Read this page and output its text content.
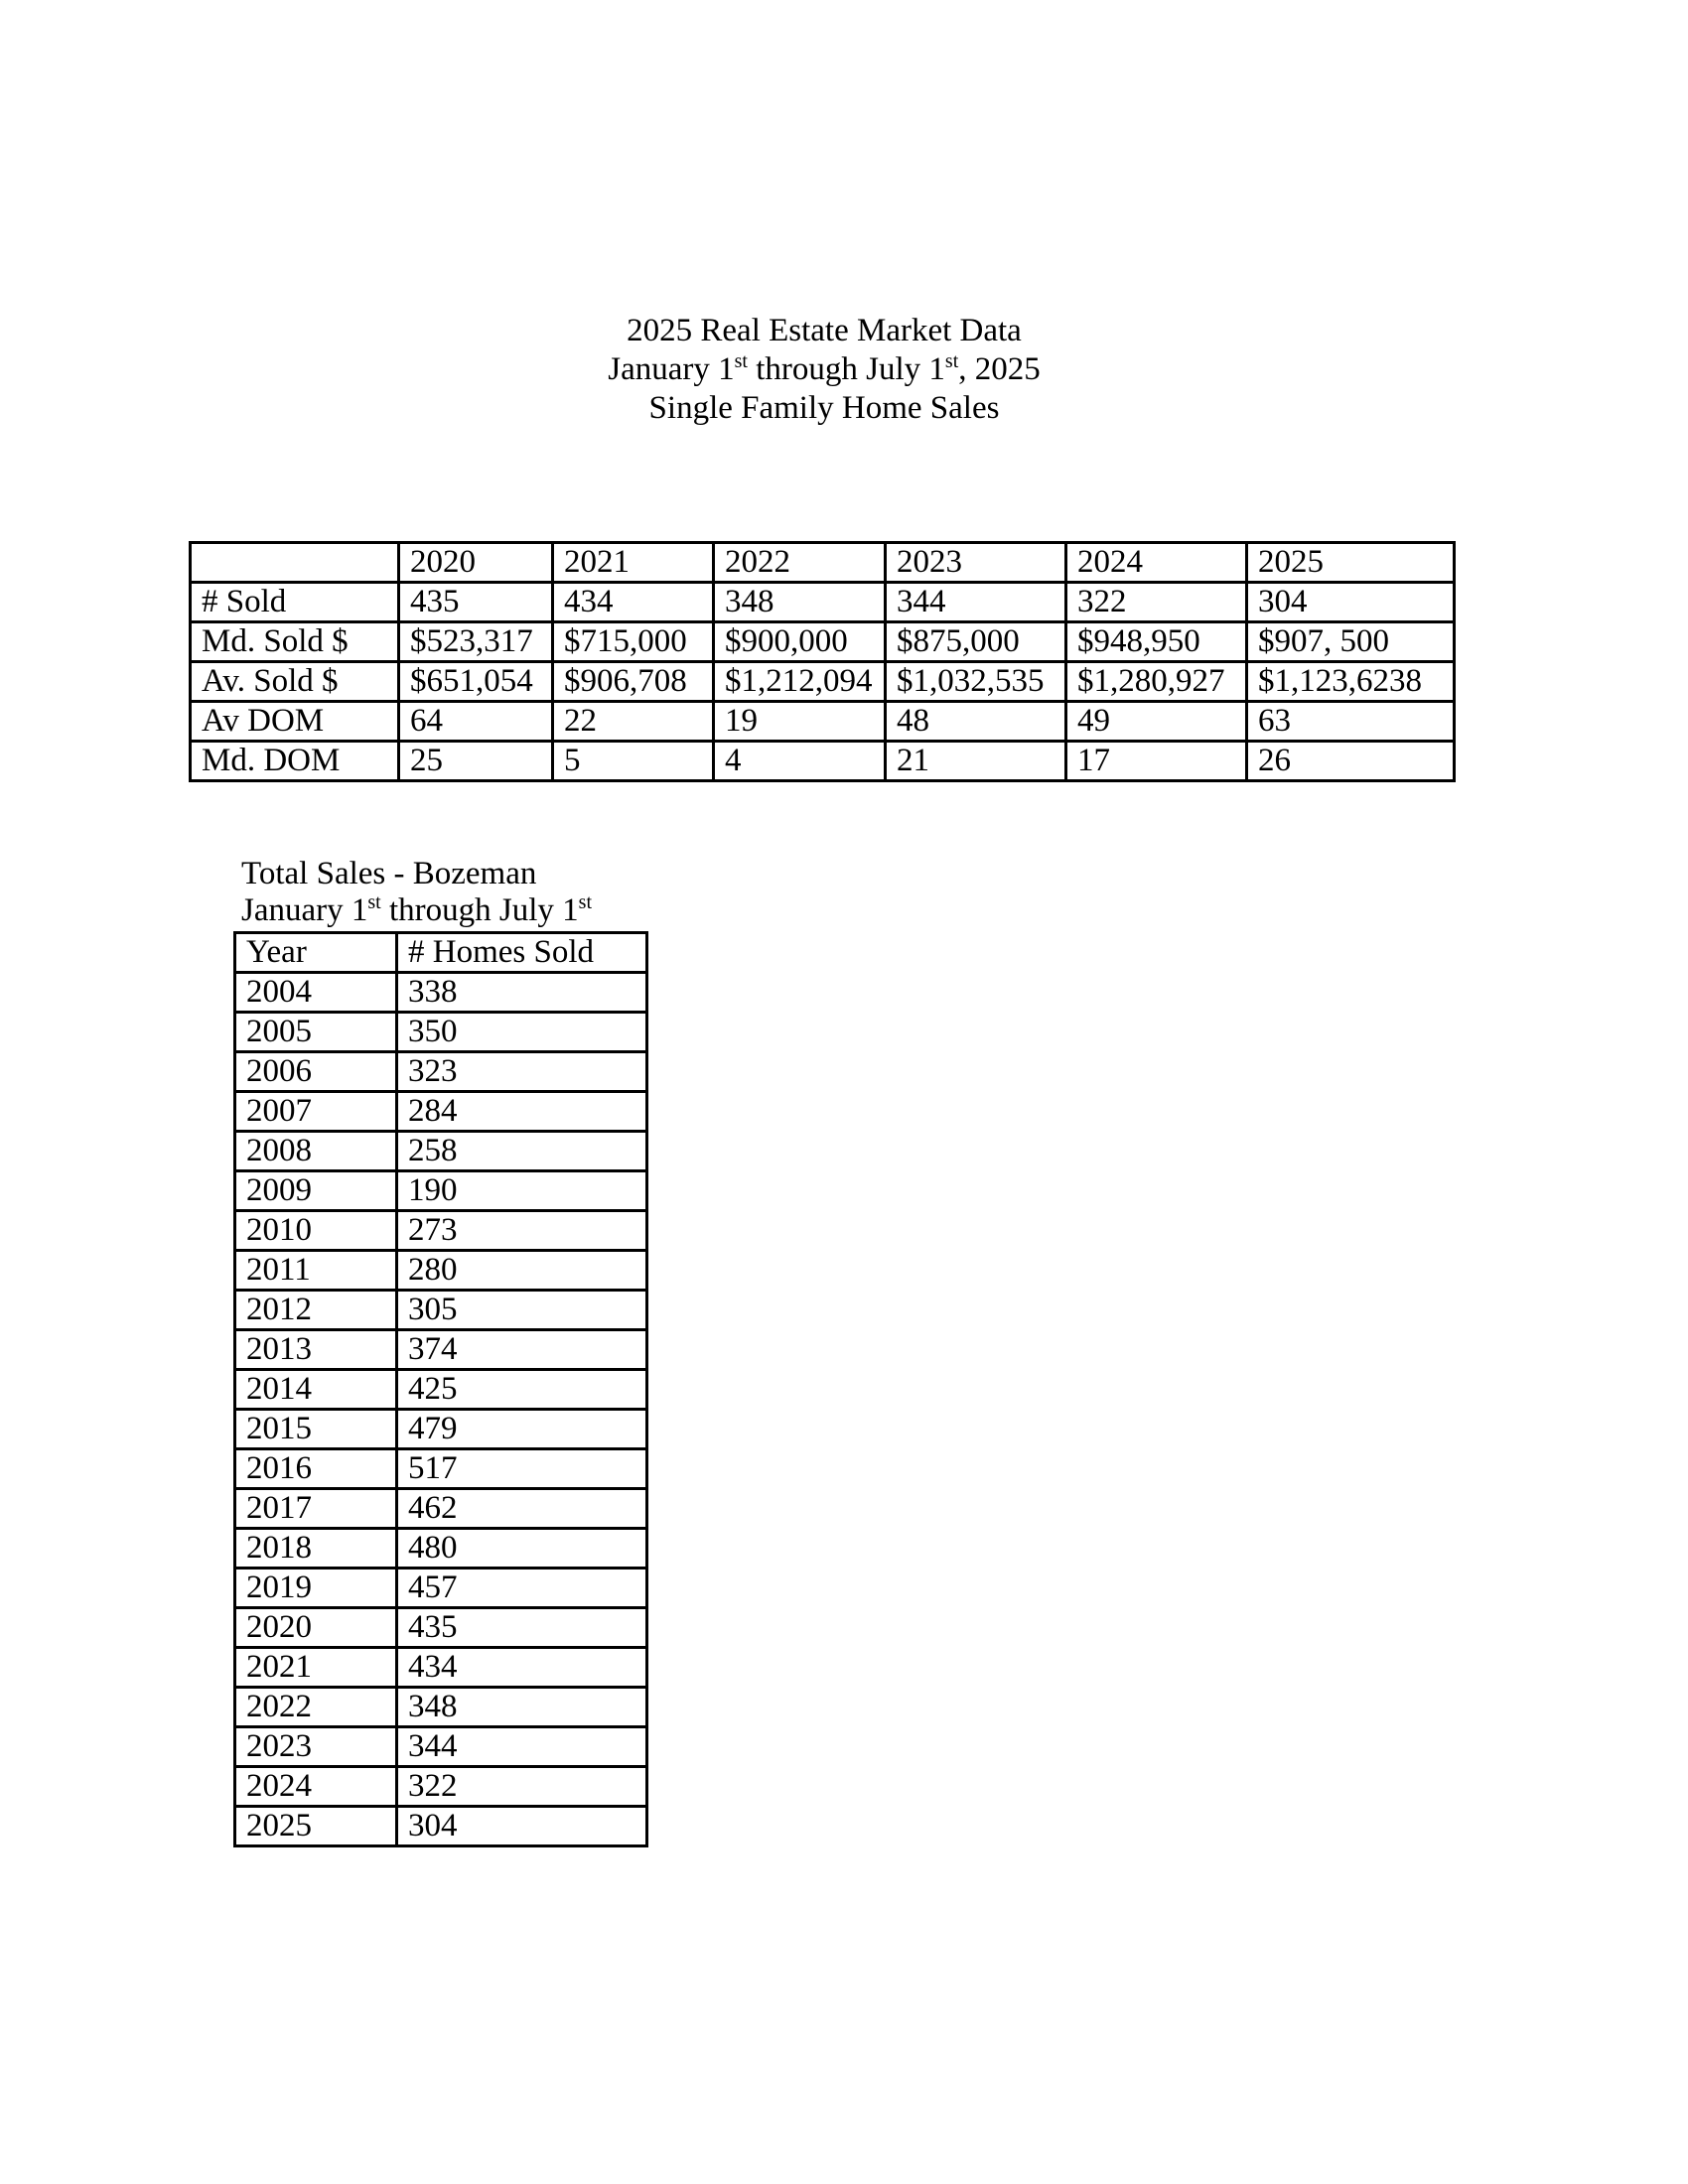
2025 Real Estate Market Data
January 1st through July 1st, 2025
Single Family Home Sales
	2020	2021	2022	2023	2024	2025
# Sold	435	434	348	344	322	304
Md. Sold $	$523,317	$715,000	$900,000	$875,000	$948,950	$907, 500
Av. Sold $	$651,054	$906,708	$1,212,094	$1,032,535	$1,280,927	$1,123,6238
Av DOM	64	22	19	48	49	63
Md. DOM	25	5	4	21	17	26
Total Sales - Bozeman
January 1st through July 1st
Year	# Homes Sold
2004	338
2005	350
2006	323
2007	284
2008	258
2009	190
2010	273
2011	280
2012	305
2013	374
2014	425
2015	479
2016	517
2017	462
2018	480
2019	457
2020	435
2021	434
2022	348
2023	344
2024	322
2025	304
